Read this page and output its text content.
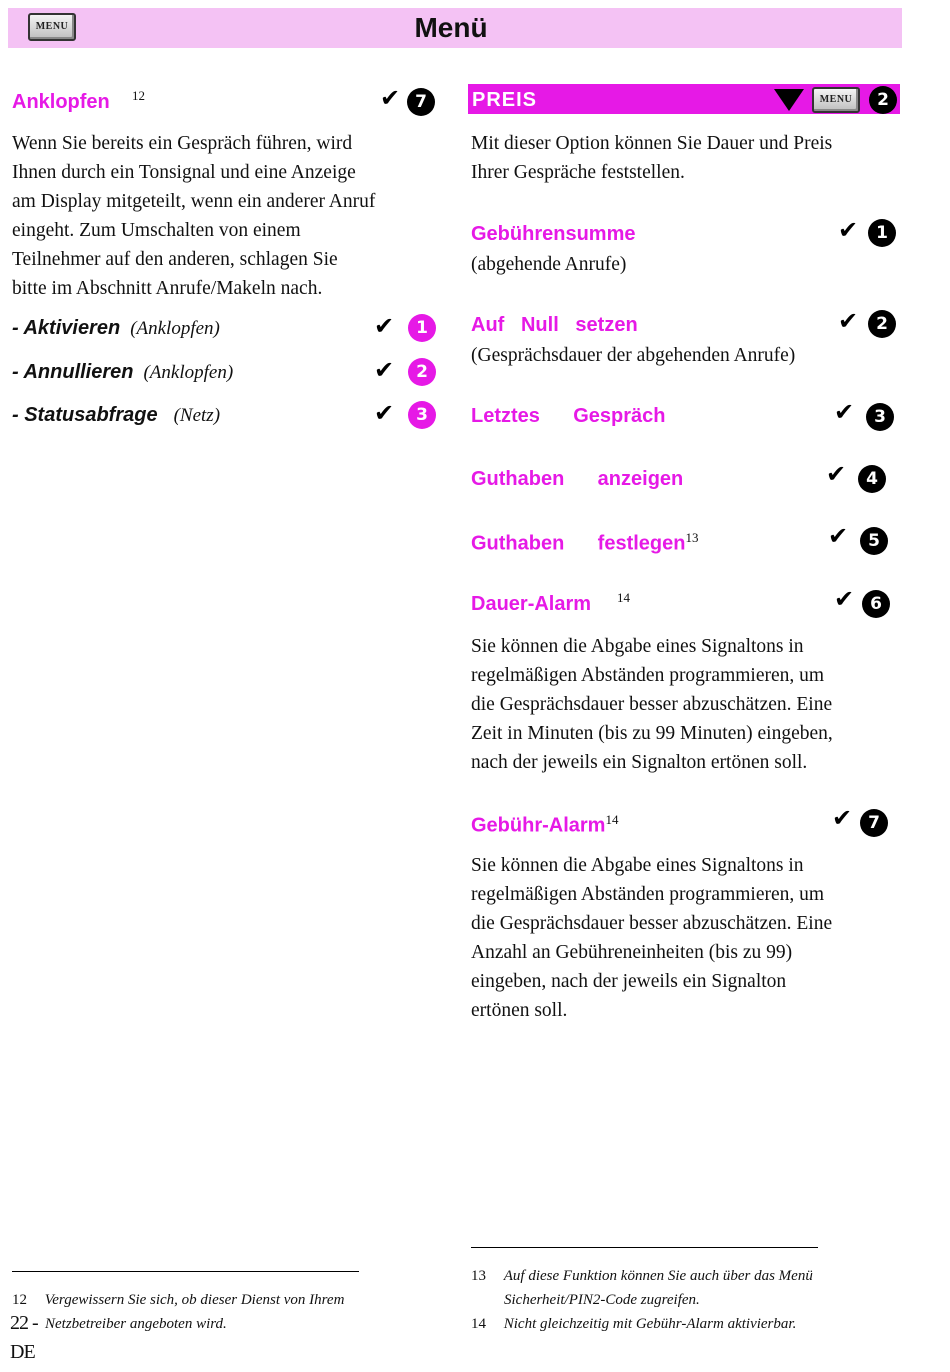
MENU	Menü
Anklopfen 12	✔ 7
Wenn Sie bereits ein Gespräch führen, wird
Ihnen durch ein Tonsignal und eine Anzeige
am Display mitgeteilt, wenn ein anderer Anruf
eingeht. Zum Umschalten von einem
Teilnehmer auf den anderen, schlagen Sie
bitte im Abschnitt Anrufe/Makeln nach.
- Aktivieren (Anklopfen)	✔	1
- Annullieren (Anklopfen)	✔	2
- Statusabfrage (Netz)	✔	3
PREIS	MENU	2
Mit dieser Option können Sie Dauer und Preis
Ihrer Gespräche feststellen.
Gebührensumme	✔	1
(abgehende Anrufe)
Auf   Null   setzen	✔	2
(Gesprächsdauer der abgehenden Anrufe)
Letztes      Gespräch	✔	3
Guthaben      anzeigen	✔	4
Guthaben      festlegen$^{13}$	✔	5
Dauer-Alarm 14	✔ 6
Sie können die Abgabe eines Signaltons in
regelmäßigen Abständen programmieren, um
die Gesprächsdauer besser abzuschätzen. Eine
Zeit in Minuten (bis zu 99 Minuten) eingeben,
nach der jeweils ein Signalton ertönen soll.
Gebühr-Alarm$^{14}$	✔ 7
Sie können die Abgabe eines Signaltons in
regelmäßigen Abständen programmieren, um
die Gesprächsdauer besser abzuschätzen. Eine
Anzahl an Gebühreneinheiten (bis zu 99)
eingeben, nach der jeweils ein Signalton
ertönen soll.
12 Vergewissern Sie sich, ob dieser Dienst von Ihrem
Netzbetreiber angeboten wird.
13 Auf diese Funktion können Sie auch über das Menü
Sicherheit/PIN2-Code zugreifen.
14 Nicht gleichzeitig mit Gebühr-Alarm aktivierbar.
22 -
DE
